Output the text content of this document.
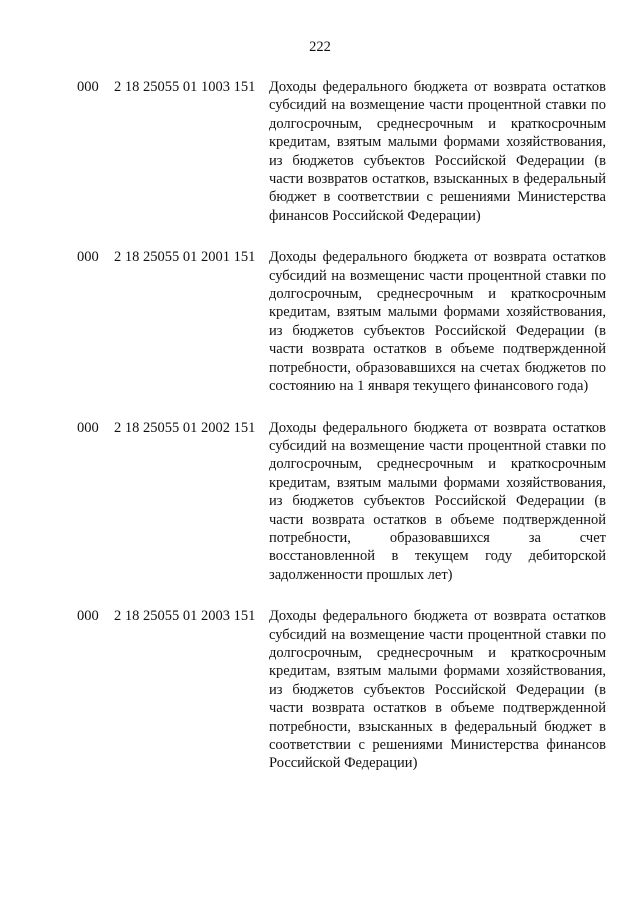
222
000	2 18 25055 01 1003 151 Доходы федерального бюджета от возврата остатков субсидий на возмещение части процентной ставки по долгосрочным, среднесрочным и краткосрочным кредитам, взятым малыми формами хозяйствования, из бюджетов субъектов Российской Федерации (в части возвратов остатков, взысканных в федеральный бюджет в соответствии с решениями Министерства финансов Российской Федерации)
000	2 18 25055 01 2001 151 Доходы федерального бюджета от возврата остатков субсидий на возмещенис части процентной ставки по долгосрочным, среднесрочным и краткосрочным кредитам, взятым малыми формами хозяйствования, из бюджетов субъектов Российской Федерации (в части возврата остатков в объеме подтвержденной потребности, образовавшихся на счетах бюджетов по состоянию на 1 января текущего финансового года)
000	2 18 25055 01 2002 151 Доходы федерального бюджета от возврата остатков субсидий на возмещение части процентной ставки по долгосрочным, среднесрочным и краткосрочным кредитам, взятым малыми формами хозяйствования, из бюджетов субъектов Российской Федерации (в части возврата остатков в объеме подтвержденной потребности, образовавшихся за счет восстановленной в текущем году дебиторской задолженности прошлых лет)
000	2 18 25055 01 2003 151 Доходы федерального бюджета от возврата остатков субсидий на возмещение части процентной ставки по долгосрочным, среднесрочным и краткосрочным кредитам, взятым малыми формами хозяйствования, из бюджетов субъектов Российской Федерации (в части возврата остатков в объеме подтвержденной потребности, взысканных в федеральный бюджет в соответствии с решениями Министерства финансов Российской Федерации)
